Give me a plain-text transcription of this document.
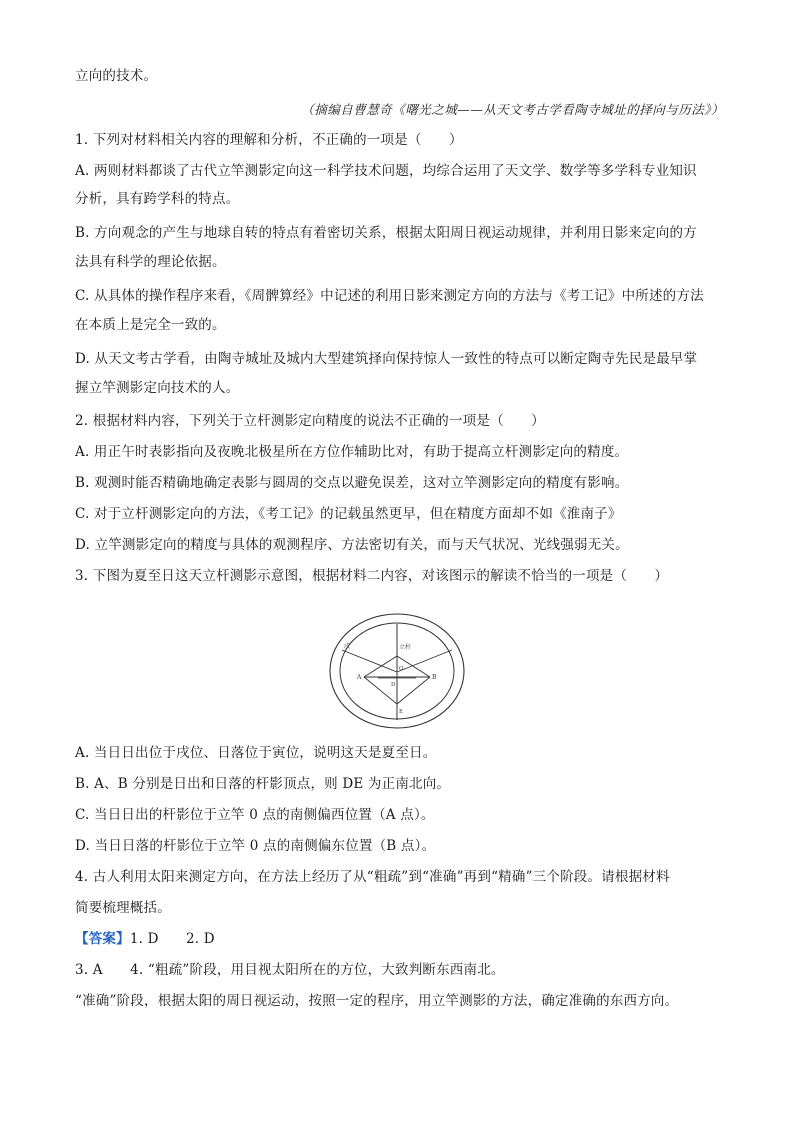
立向的技术。
（摘编自曹慧奇《曙光之城——从天文考古学看陶寺城址的择向与历法》）
1. 下列对材料相关内容的理解和分析，不正确的一项是（　　）
A. 两则材料都谈了古代立竿测影定向这一科学技术问题，均综合运用了天文学、数学等多学科专业知识
分析，具有跨学科的特点。
B. 方向观念的产生与地球自转的特点有着密切关系，根据太阳周日视运动规律，并利用日影来定向的方
法具有科学的理论依据。
C. 从具体的操作程序来看，《周髀算经》中记述的利用日影来测定方向的方法与《考工记》中所述的方法
在本质上是完全一致的。
D. 从天文考古学看，由陶寺城址及城内大型建筑择向保持惊人一致性的特点可以断定陶寺先民是最早掌
握立竿测影定向技术的人。
2. 根据材料内容，下列关于立杆测影定向精度的说法不正确的一项是（　　）
A. 用正午时表影指向及夜晚北极星所在方位作辅助比对，有助于提高立杆测影定向的精度。
B. 观测时能否精确地确定表影与圆周的交点以避免误差，这对立竿测影定向的精度有影响。
C. 对于立杆测影定向的方法，《考工记》的记载虽然更早，但在精度方面却不如《淮南子》
D. 立竿测影定向的精度与具体的观测程序、方法密切有关，而与天气状况、光线强弱无关。
3. 下图为夏至日这天立杆测影示意图，根据材料二内容，对该图示的解读不恰当的一项是（　　）
戌	立杆
A	B
O
D
E
A. 当日日出位于戌位、日落位于寅位，说明这天是夏至日。
B. A、B 分别是日出和日落的杆影顶点，则 DE 为正南北向。
C. 当日日出的杆影位于立竿 0 点的南侧偏西位置（A 点）。
D. 当日日落的杆影位于立竿 0 点的南侧偏东位置（B 点）。
4. 古人利用太阳来测定方向，在方法上经历了从“粗疏”到“准确”再到“精确”三个阶段。请根据材料
简要梳理概括。
【答案】1. D　　2. D
3. A　　4. “粗疏”阶段，用目视太阳所在的方位，大致判断东西南北。
“准确”阶段，根据太阳的周日视运动，按照一定的程序，用立竿测影的方法，确定准确的东西方向。
